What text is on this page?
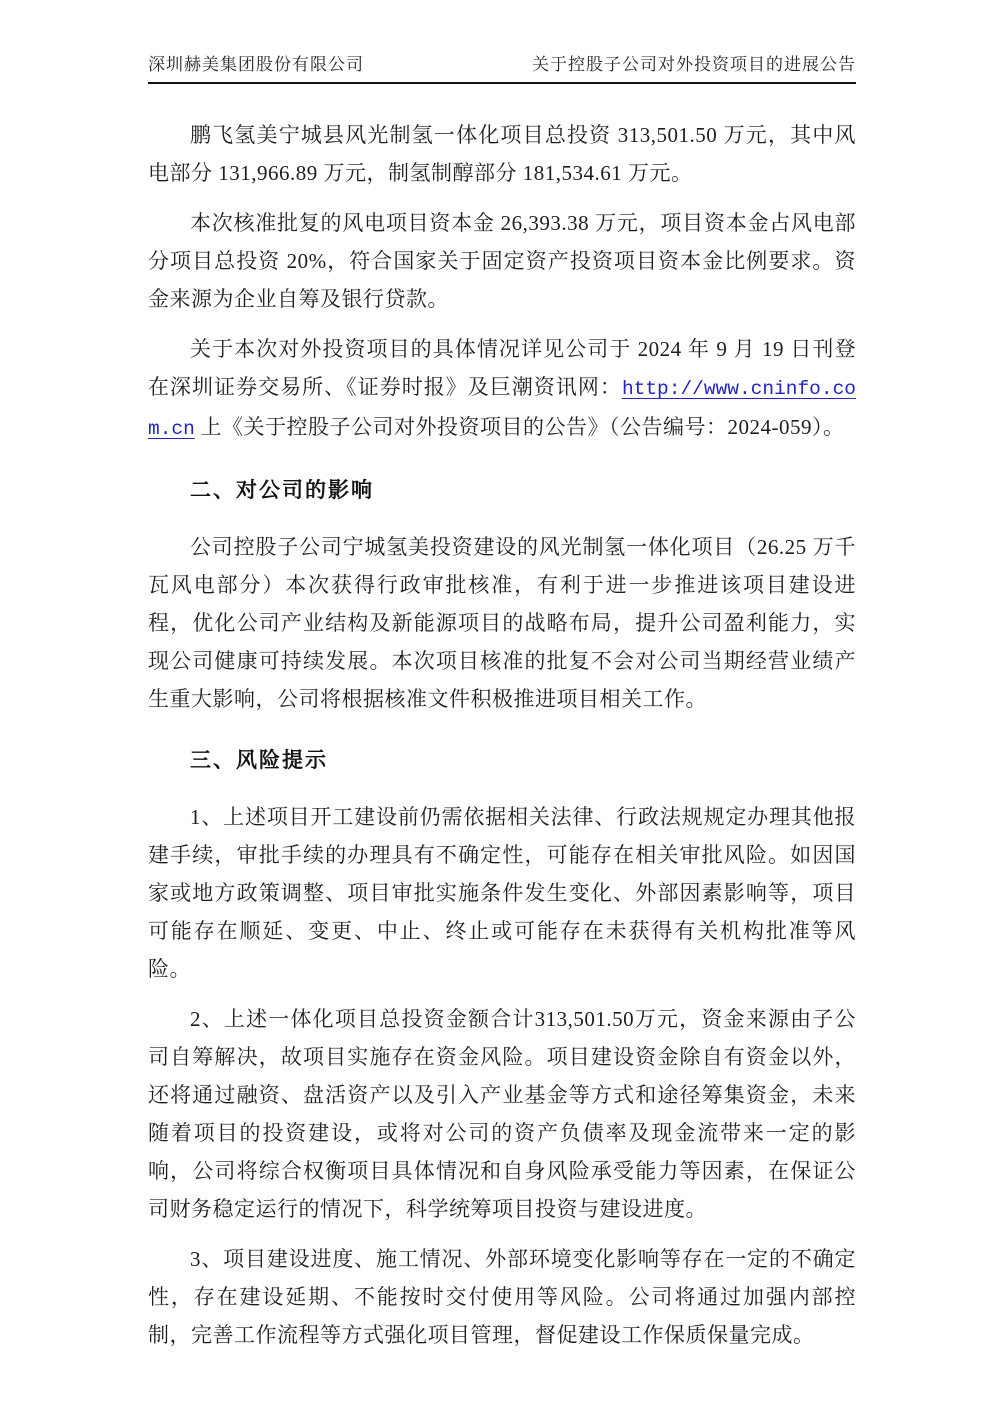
深圳赫美集团股份有限公司	关于控股子公司对外投资项目的进展公告

鹏飞氢美宁城县风光制氢一体化项目总投资 313,501.50 万元，其中风电部分 131,966.89 万元，制氢制醇部分 181,534.61 万元。

本次核准批复的风电项目资本金 26,393.38 万元，项目资本金占风电部分项目总投资 20%，符合国家关于固定资产投资项目资本金比例要求。资金来源为企业自筹及银行贷款。

关于本次对外投资项目的具体情况详见公司于 2024 年 9 月 19 日刊登在深圳证券交易所、《证券时报》及巨潮资讯网：http://www.cninfo.com.cn 上《关于控股子公司对外投资项目的公告》（公告编号：2024-059）。

二、对公司的影响

公司控股子公司宁城氢美投资建设的风光制氢一体化项目（26.25 万千瓦风电部分）本次获得行政审批核准，有利于进一步推进该项目建设进程，优化公司产业结构及新能源项目的战略布局，提升公司盈利能力，实现公司健康可持续发展。本次项目核准的批复不会对公司当期经营业绩产生重大影响，公司将根据核准文件积极推进项目相关工作。

三、风险提示

1、上述项目开工建设前仍需依据相关法律、行政法规规定办理其他报建手续，审批手续的办理具有不确定性，可能存在相关审批风险。如因国家或地方政策调整、项目审批实施条件发生变化、外部因素影响等，项目可能存在顺延、变更、中止、终止或可能存在未获得有关机构批准等风险。

2、上述一体化项目总投资金额合计313,501.50万元，资金来源由子公司自筹解决，故项目实施存在资金风险。项目建设资金除自有资金以外，还将通过融资、盘活资产以及引入产业基金等方式和途径筹集资金，未来随着项目的投资建设，或将对公司的资产负债率及现金流带来一定的影响，公司将综合权衡项目具体情况和自身风险承受能力等因素，在保证公司财务稳定运行的情况下，科学统筹项目投资与建设进度。

3、项目建设进度、施工情况、外部环境变化影响等存在一定的不确定性，存在建设延期、不能按时交付使用等风险。公司将通过加强内部控制，完善工作流程等方式强化项目管理，督促建设工作保质保量完成。
